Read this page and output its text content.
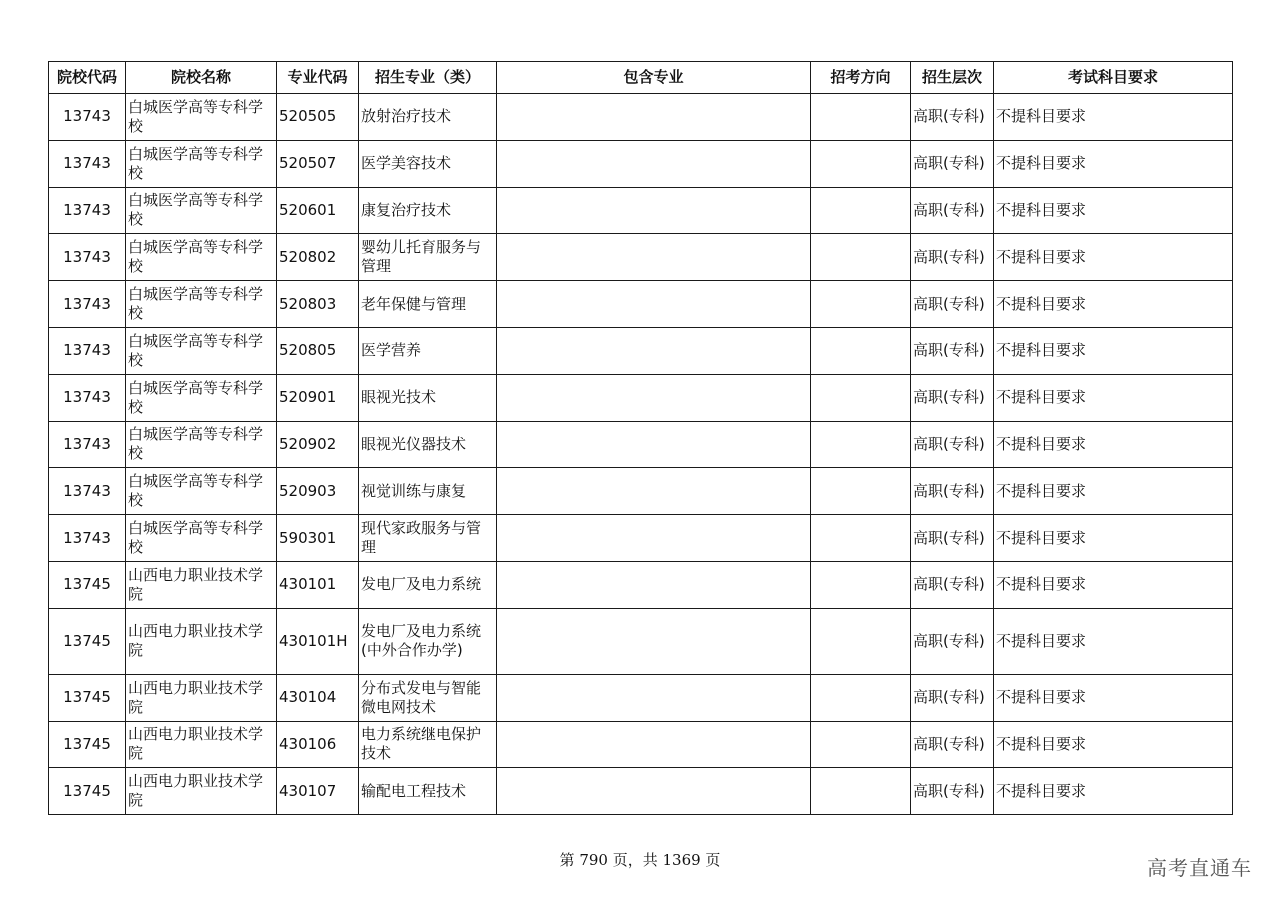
院校代码	院校名称	专业代码	招生专业（类）	包含专业	招考方向	招生层次	考试科目要求
13743	白城医学高等专科学校	520505	放射治疗技术			高职(专科)	不提科目要求
13743	白城医学高等专科学校	520507	医学美容技术			高职(专科)	不提科目要求
13743	白城医学高等专科学校	520601	康复治疗技术			高职(专科)	不提科目要求
13743	白城医学高等专科学校	520802	婴幼儿托育服务与管理			高职(专科)	不提科目要求
13743	白城医学高等专科学校	520803	老年保健与管理			高职(专科)	不提科目要求
13743	白城医学高等专科学校	520805	医学营养			高职(专科)	不提科目要求
13743	白城医学高等专科学校	520901	眼视光技术			高职(专科)	不提科目要求
13743	白城医学高等专科学校	520902	眼视光仪器技术			高职(专科)	不提科目要求
13743	白城医学高等专科学校	520903	视觉训练与康复			高职(专科)	不提科目要求
13743	白城医学高等专科学校	590301	现代家政服务与管理			高职(专科)	不提科目要求
13745	山西电力职业技术学院	430101	发电厂及电力系统			高职(专科)	不提科目要求
13745	山西电力职业技术学院	430101H	发电厂及电力系统(中外合作办学)			高职(专科)	不提科目要求
13745	山西电力职业技术学院	430104	分布式发电与智能微电网技术			高职(专科)	不提科目要求
13745	山西电力职业技术学院	430106	电力系统继电保护技术			高职(专科)	不提科目要求
13745	山西电力职业技术学院	430107	输配电工程技术			高职(专科)	不提科目要求
第 790 页，共 1369 页	高考直通车
